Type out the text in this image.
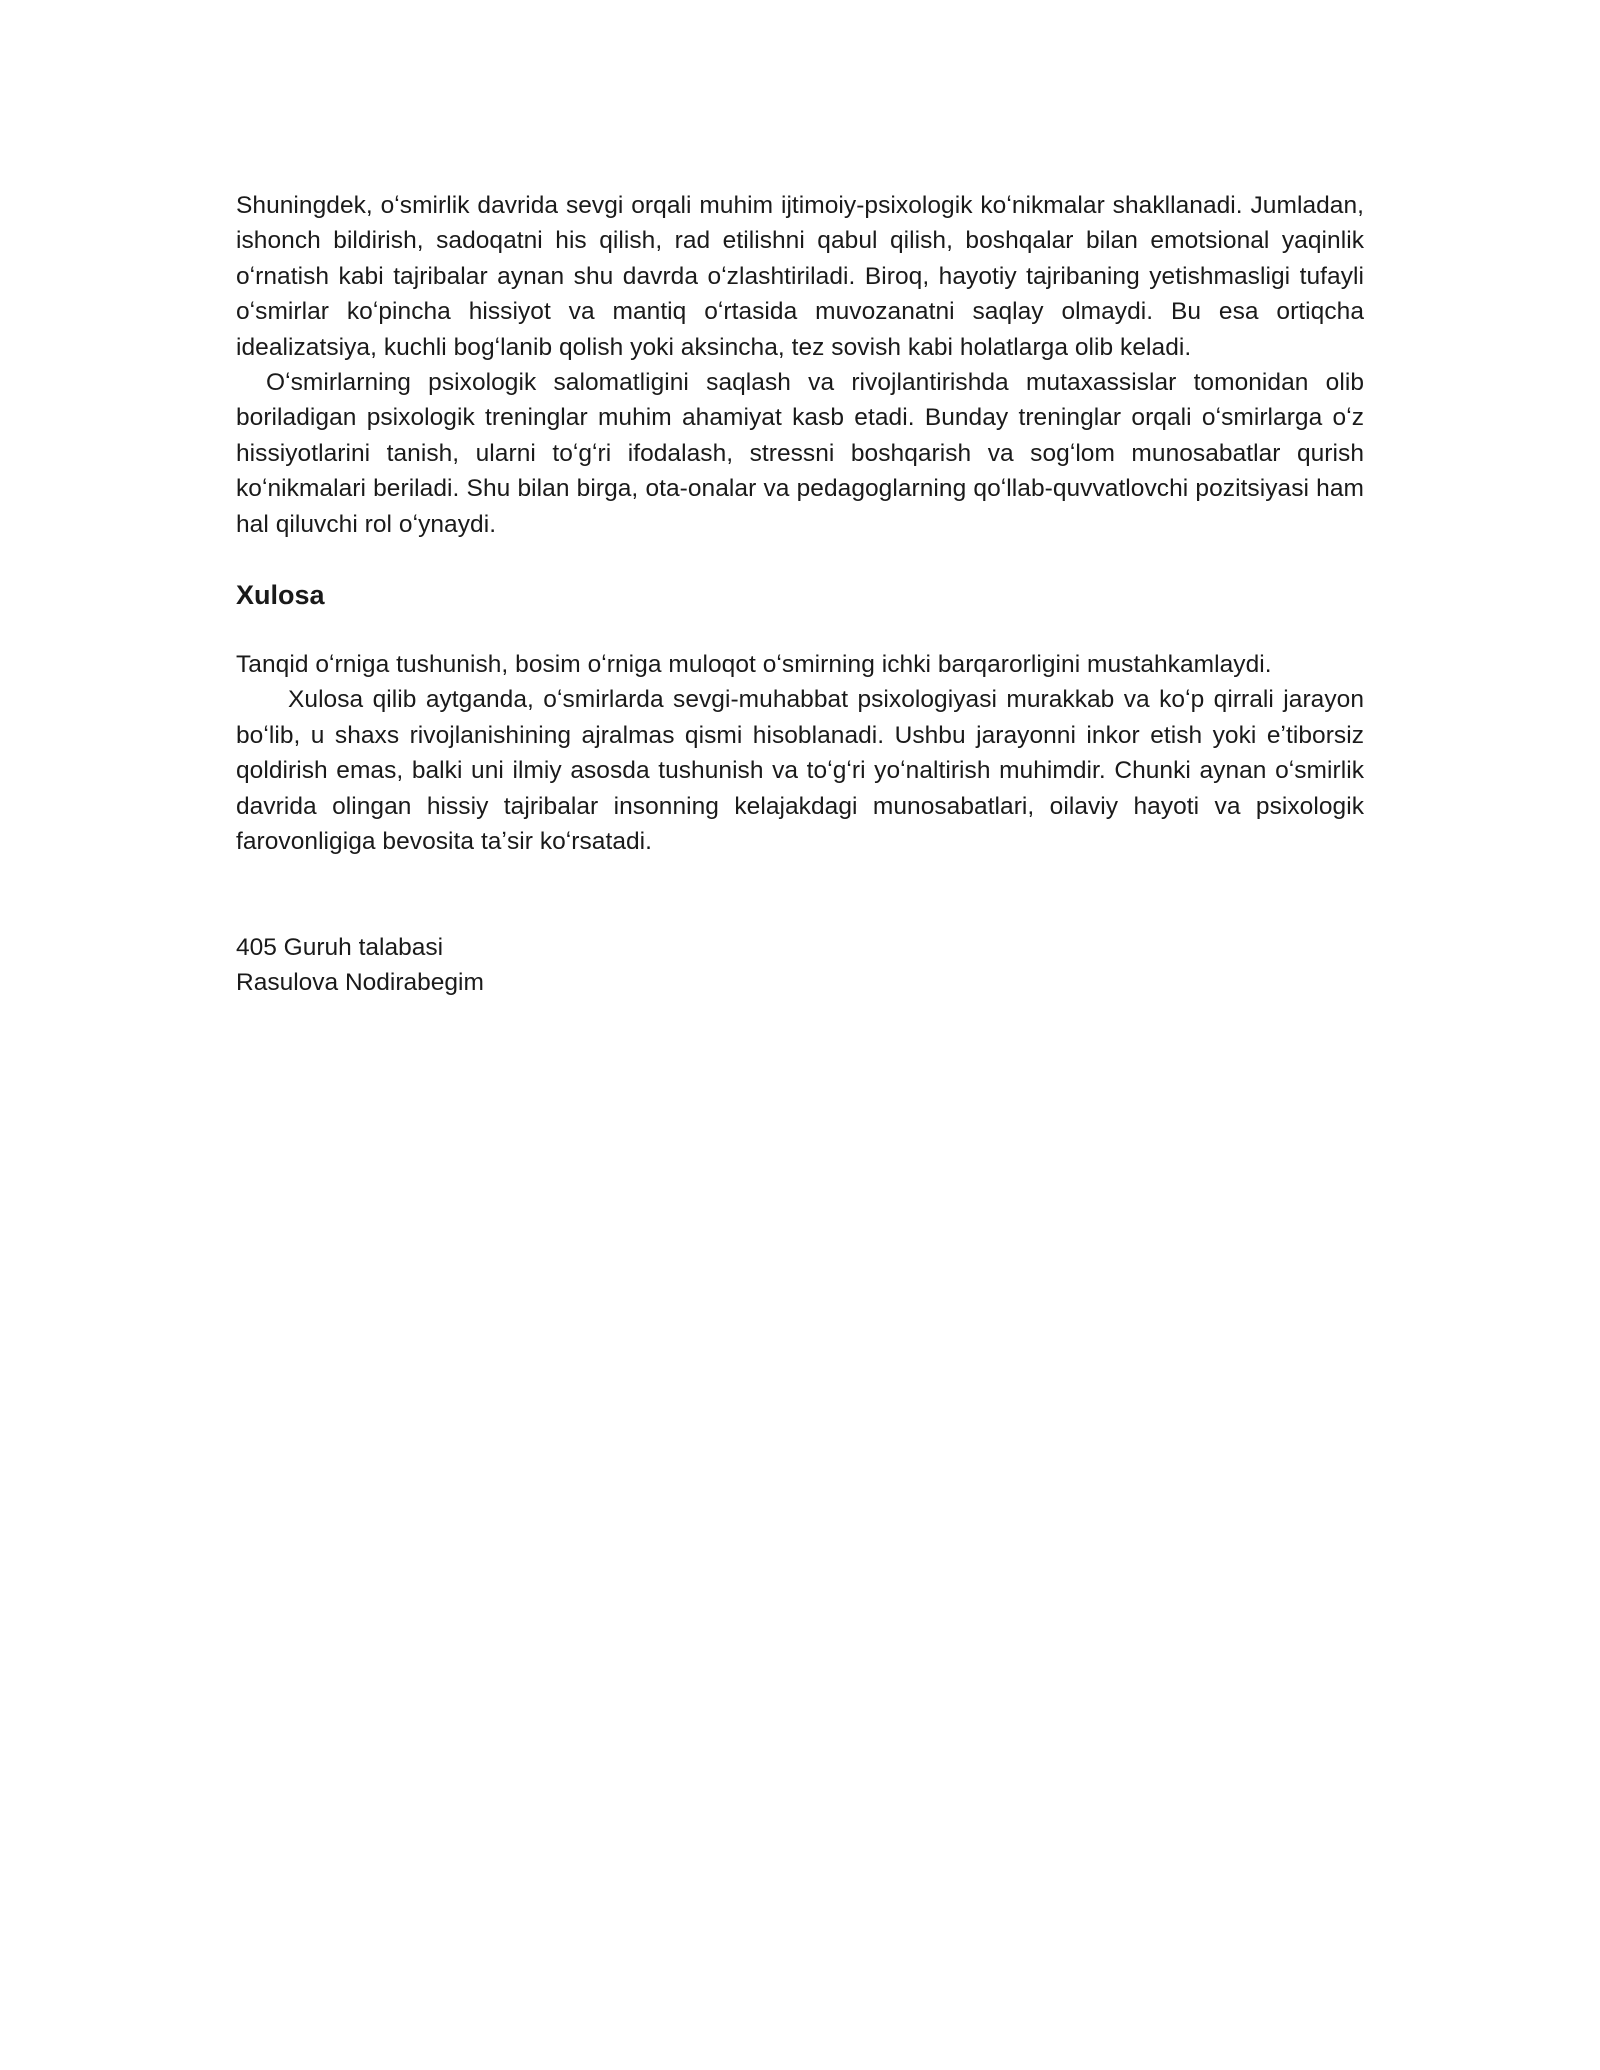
Shuningdek, oʻsmirlik davrida sevgi orqali muhim ijtimoiy-psixologik koʻnikmalar shakllanadi. Jumladan, ishonch bildirish, sadoqatni his qilish, rad etilishni qabul qilish, boshqalar bilan emotsional yaqinlik oʻrnatish kabi tajribalar aynan shu davrda oʻzlashtiriladi. Biroq, hayotiy tajribaning yetishmasligi tufayli oʻsmirlar koʻpincha hissiyot va mantiq oʻrtasida muvozanatni saqlay olmaydi. Bu esa ortiqcha idealizatsiya, kuchli bogʻlanib qolish yoki aksincha, tez sovish kabi holatlarga olib keladi.

Oʻsmirlarning psixologik salomatligini saqlash va rivojlantirishda mutaxassislar tomonidan olib boriladigan psixologik treninglar muhim ahamiyat kasb etadi. Bunday treninglar orqali oʻsmirlarga oʻz hissiyotlarini tanish, ularni toʻgʻri ifodalash, stressni boshqarish va sogʻlom munosabatlar qurish koʻnikmalari beriladi. Shu bilan birga, ota-onalar va pedagoglarning qoʻllab-quvvatlovchi pozitsiyasi ham hal qiluvchi rol oʻynaydi.

Xulosa

Tanqid oʻrniga tushunish, bosim oʻrniga muloqot oʻsmirning ichki barqarorligini mustahkamlaydi.

Xulosa qilib aytganda, oʻsmirlarda sevgi-muhabbat psixologiyasi murakkab va koʻp qirrali jarayon boʻlib, u shaxs rivojlanishining ajralmas qismi hisoblanadi. Ushbu jarayonni inkor etish yoki eʼtiborsiz qoldirish emas, balki uni ilmiy asosda tushunish va toʻgʻri yoʻnaltirish muhimdir. Chunki aynan oʻsmirlik davrida olingan hissiy tajribalar insonning kelajakdagi munosabatlari, oilaviy hayoti va psixologik farovonligiga bevosita taʼsir koʻrsatadi.

405 Guruh talabasi

Rasulova Nodirabegim
